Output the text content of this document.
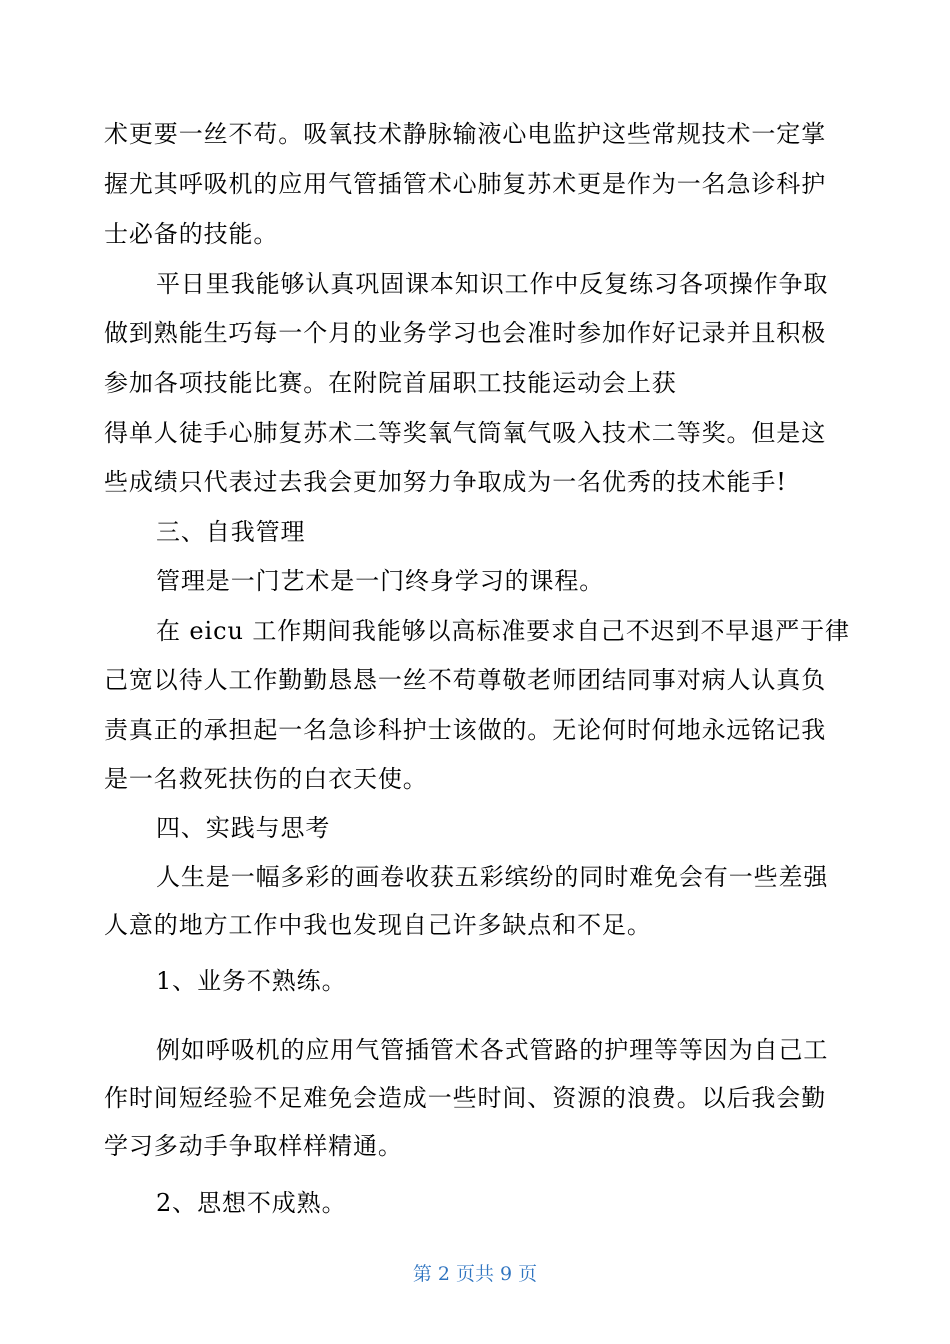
术更要一丝不苟。吸氧技术静脉输液心电监护这些常规技术一定掌
握尤其呼吸机的应用气管插管术心肺复苏术更是作为一名急诊科护
士必备的技能。
平日里我能够认真巩固课本知识工作中反复练习各项操作争取
做到熟能生巧每一个月的业务学习也会准时参加作好记录并且积极
参加各项技能比赛。在附院首届职工技能运动会上获
得单人徒手心肺复苏术二等奖氧气筒氧气吸入技术二等奖。但是这
些成绩只代表过去我会更加努力争取成为一名优秀的技术能手!
三、自我管理
管理是一门艺术是一门终身学习的课程。
在 eicu 工作期间我能够以高标准要求自己不迟到不早退严于律
己宽以待人工作勤勤恳恳一丝不苟尊敬老师团结同事对病人认真负
责真正的承担起一名急诊科护士该做的。无论何时何地永远铭记我
是一名救死扶伤的白衣天使。
四、实践与思考
人生是一幅多彩的画卷收获五彩缤纷的同时难免会有一些差强
人意的地方工作中我也发现自己许多缺点和不足。
1、业务不熟练。
例如呼吸机的应用气管插管术各式管路的护理等等因为自己工
作时间短经验不足难免会造成一些时间、资源的浪费。以后我会勤
学习多动手争取样样精通。
2、思想不成熟。
第 2 页共 9 页
